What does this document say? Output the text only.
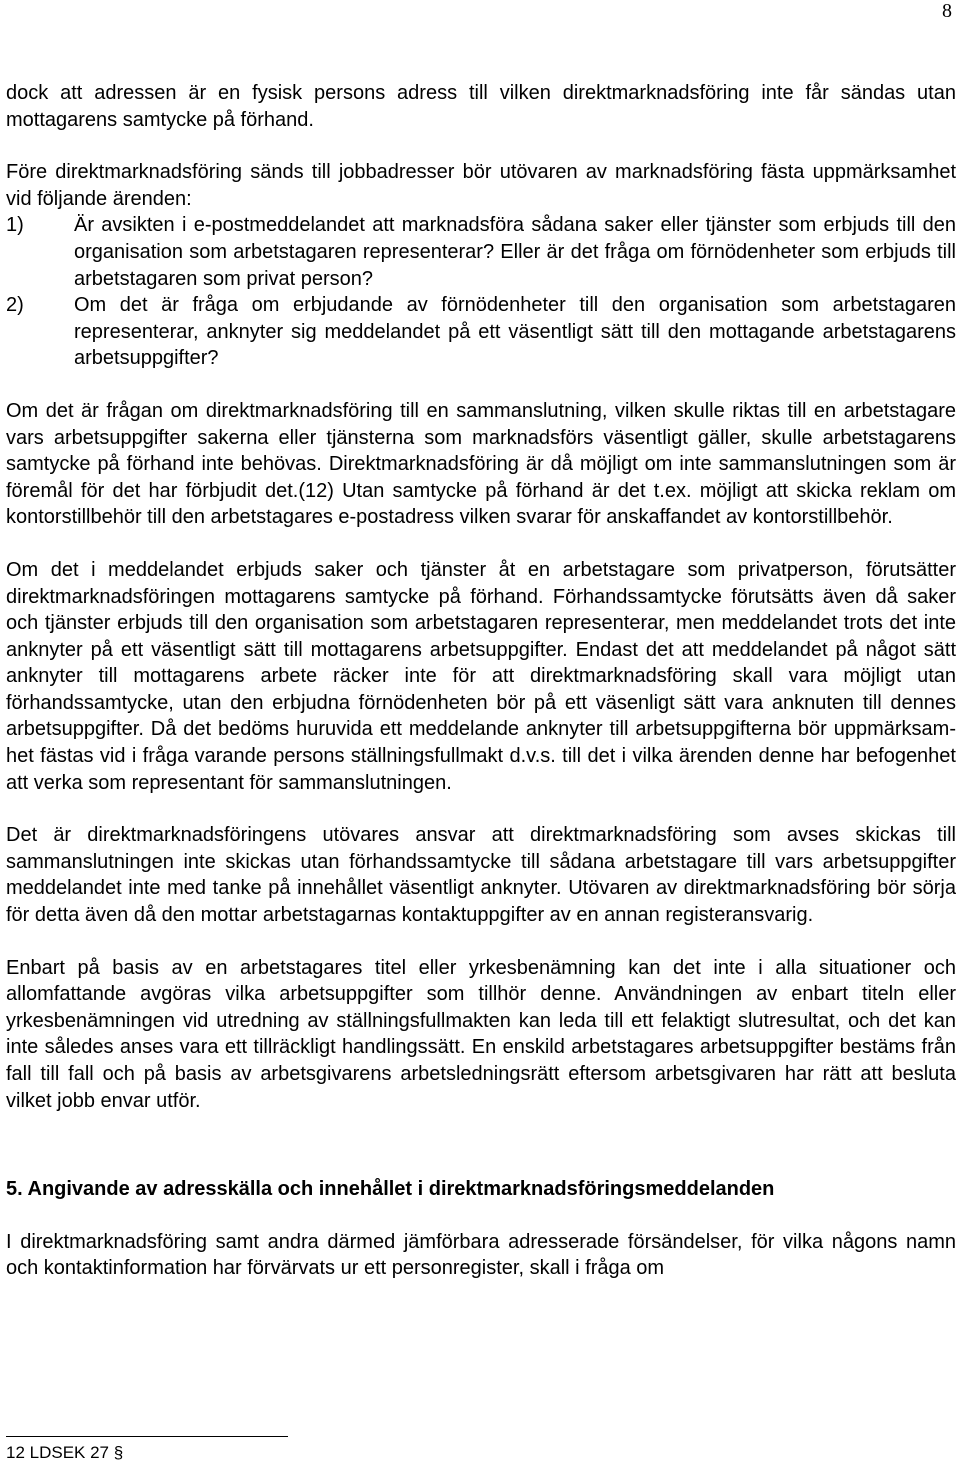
8

dock att adressen är en fysisk persons adress till vilken direktmarknadsföring inte får sändas utan mottagarens samtycke på förhand.

Före direktmarknadsföring sänds till jobbadresser bör utövaren av marknadsföring fästa uppmärksamhet vid följande ärenden:

1)	Är avsikten i e-postmeddelandet att marknadsföra sådana saker eller tjänster som erbjuds till den organisation som arbetstagaren representerar? Eller är det fråga om förnödenheter som erbjuds till arbetstagaren som privat person?
2)	Om det är fråga om erbjudande av förnödenheter till den organisation som arbetstagaren representerar, anknyter sig meddelandet på ett väsentligt sätt till den mottagande arbetstagarens arbetsuppgifter?

Om det är frågan om direktmarknadsföring till en sammanslutning, vilken skulle riktas till en arbetstagare vars arbetsuppgifter sakerna eller tjänsterna som marknadsförs väsentligt gäller, skulle arbetstagarens samtycke på förhand inte behövas. Direktmarknadsföring är då möjligt om inte sammanslutningen som är föremål för det har förbjudit det.(12) Utan samtycke på förhand är det t.ex. möjligt att skicka reklam om kontorstillbehör till den arbetstagares e-postadress vilken svarar för anskaffandet av kontorstillbehör.

Om det i meddelandet erbjuds saker och tjänster åt en arbetstagare som privatperson, förutsätter direktmarknadsföringen mottagarens samtycke på förhand. Förhandssamtycke förutsätts även då saker och tjänster erbjuds till den organisation som arbetstagaren representerar, men meddelandet trots det inte anknyter på ett väsentligt sätt till mottagarens arbetsuppgifter. Endast det att meddelandet på något sätt anknyter till mottagarens arbete räcker inte för att direktmarknadsföring skall vara möjligt utan förhandssamtycke, utan den erbjudna förnödenheten bör på ett väsenligt sätt vara anknuten till dennes arbetsuppgifter. Då det bedöms huruvida ett meddelande anknyter till arbetsuppgifterna bör uppmärksamhet fästas vid i fråga varande persons ställningsfullmakt d.v.s. till det i vilka ärenden denne har befogenhet att verka som representant för sammanslutningen.

Det är direktmarknadsföringens utövares ansvar att direktmarknadsföring som avses skickas till sammanslutningen inte skickas utan förhandssamtycke till sådana arbetstagare till vars arbetsuppgifter meddelandet inte med tanke på innehållet väsentligt anknyter. Utövaren av direktmarknadsföring bör sörja för detta även då den mottar arbetstagarnas kontaktuppgifter av en annan registeransvarig.

Enbart på basis av en arbetstagares titel eller yrkesbenämning kan det inte i alla situationer och allomfattande avgöras vilka arbetsuppgifter som tillhör denne. Användningen av enbart titeln eller yrkesbenämningen vid utredning av ställningsfullmakten kan leda till ett felaktigt slutresultat, och det kan inte således anses vara ett tillräckligt handlingssätt. En enskild arbetstagares arbetsuppgifter bestäms från fall till fall och på basis av arbetsgivarens arbetsledningsrätt eftersom arbetsgivaren har rätt att besluta vilket jobb envar utför.

5. Angivande av adresskälla och innehållet i direktmarknadsföringsmeddelanden

I direktmarknadsföring samt andra därmed jämförbara adresserade försändelser, för vilka någons namn och kontaktinformation har förvärvats ur ett personregister, skall i fråga om

12 LDSEK 27 §
